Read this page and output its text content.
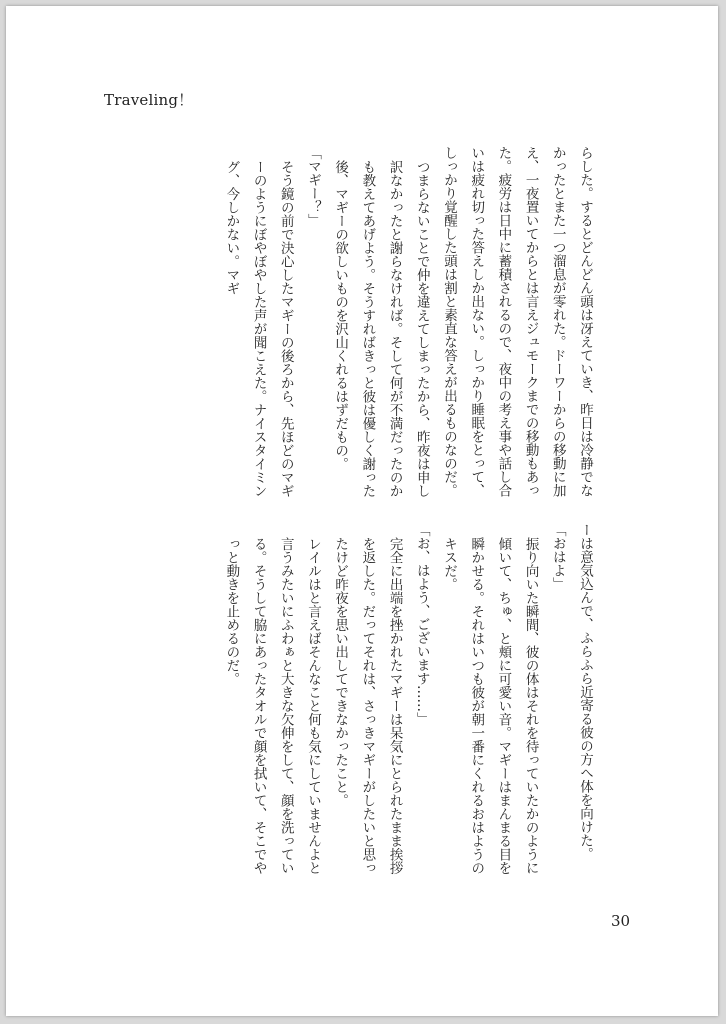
Traveling！

らした。するとどんどん頭は冴えていき、昨日は冷静でなかったとまた一つ溜息が零れた。ドーワーからの移動に加え、一夜置いてからとは言えジュモークまでの移動もあった。疲労は日中に蓄積されるので、夜中の考え事や話し合いは疲れ切った答えしか出ない。しっかり睡眠をとって、しっかり覚醒した頭は割と素直な答えが出るものなのだ。

つまらないことで仲を違えてしまったから、昨夜は申し訳なかったと謝らなければ。そして何が不満だったのかも教えてあげよう。そうすればきっと彼は優しく謝った後、マギーの欲しいものを沢山くれるはずだもの。

「マギー？」

そう鏡の前で決心したマギーの後ろから、先ほどのマギーのようにぼやぼやした声が聞こえた。ナイスタイミング、今しかない。マギ

ーは意気込んで、ふらふら近寄る彼の方へ体を向けた。

「おはよ」

振り向いた瞬間、彼の体はそれを待っていたかのように傾いて、ちゅ、と頬に可愛い音。マギーはまんまる目を瞬かせる。それはいつも彼が朝一番にくれるおはようのキスだ。

「お、はよう、ございます……」

完全に出端を挫かれたマギーは呆気にとられたまま挨拶を返した。だってそれは、さっきマギーがしたいと思ったけど昨夜を思い出してできなかったこと。

レイルはと言えばそんなこと何も気にしていませんよと言うみたいにふわぁと大きな欠伸をして、顔を洗っている。そうして脇にあったタオルで顔を拭いて、そこでやっと動きを止めるのだ。

30
